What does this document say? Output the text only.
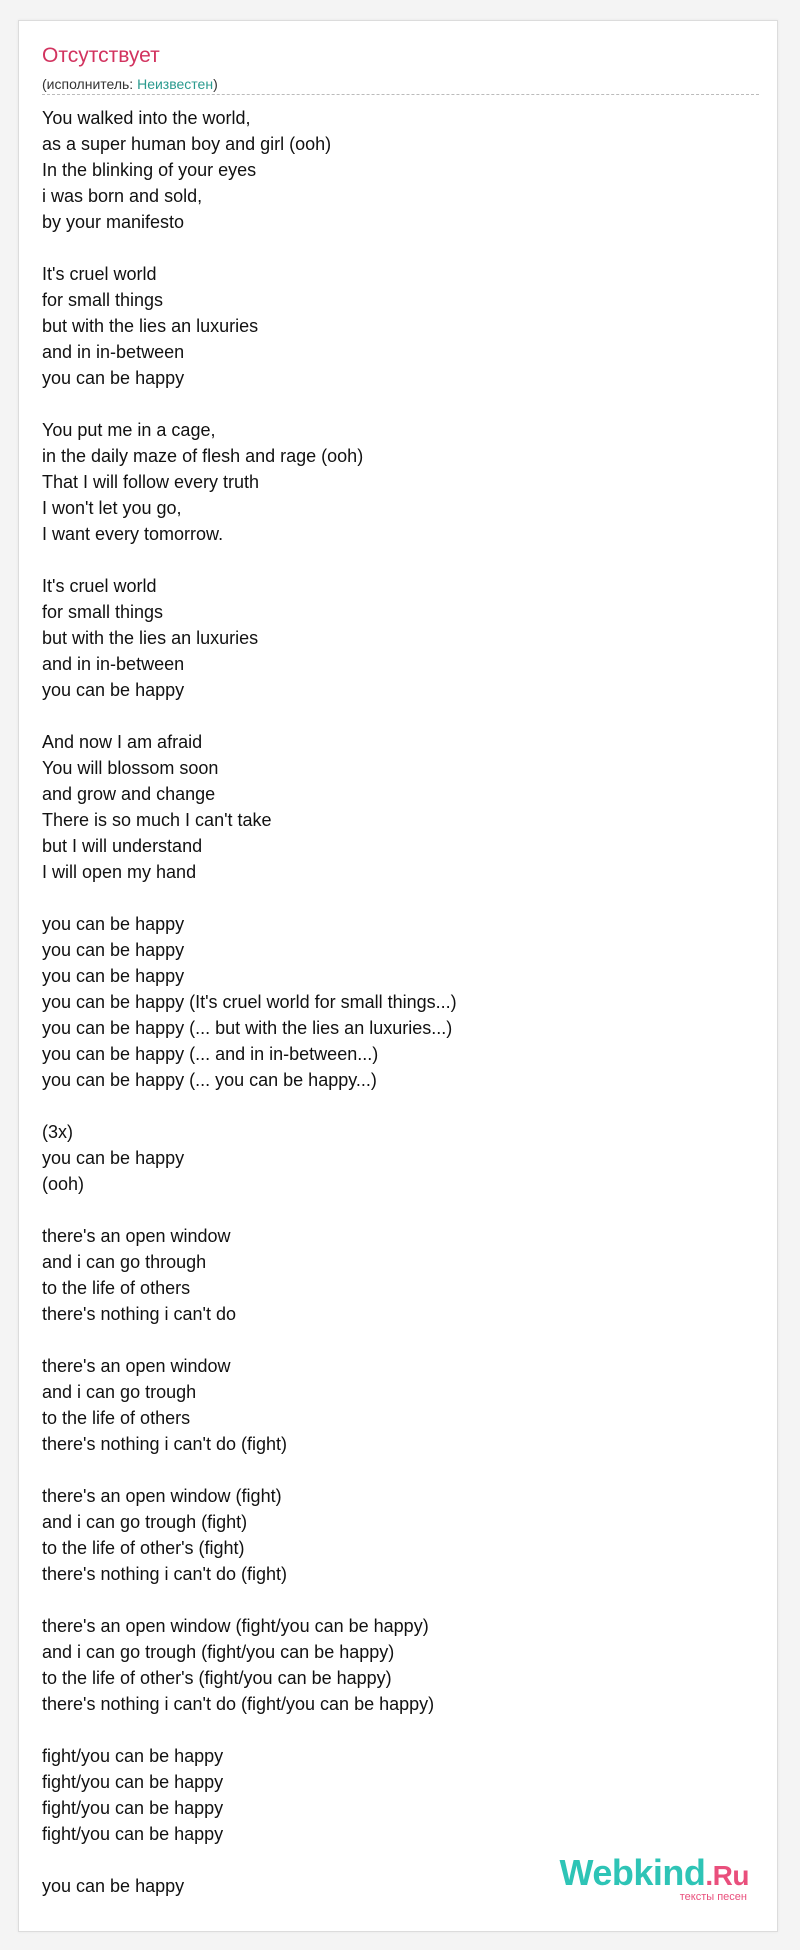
Отсутствует
(исполнитель: Неизвестен)
You walked into the world,
as a super human boy and girl (ooh)
In the blinking of your eyes
i was born and sold,
by your manifesto
It's cruel world
for small things
but with the lies an luxuries
and in in-between
you can be happy
You put me in a cage,
in the daily maze of flesh and rage (ooh)
That I will follow every truth
I won't let you go,
I want every tomorrow.
It's cruel world
for small things
but with the lies an luxuries
and in in-between
you can be happy
And now I am afraid
You will blossom soon
and grow and change
There is so much I can't take
but I will understand
I will open my hand
you can be happy
you can be happy
you can be happy
you can be happy (It's cruel world for small things...)
you can be happy (... but with the lies an luxuries...)
you can be happy (... and in in-between...)
you can be happy (... you can be happy...)
(3x)
you can be happy
(ooh)
there's an open window
and i can go through
to the life of others
there's nothing i can't do
there's an open window
and i can go trough
to the life of others
there's nothing i can't do (fight)
there's an open window (fight)
and i can go trough (fight)
to the life of other's (fight)
there's nothing i can't do (fight)
there's an open window (fight/you can be happy)
and i can go trough (fight/you can be happy)
to the life of other's (fight/you can be happy)
there's nothing i can't do (fight/you can be happy)
fight/you can be happy
fight/you can be happy
fight/you can be happy
fight/you can be happy
you can be happy	Webkind.Ru
тексты песен
